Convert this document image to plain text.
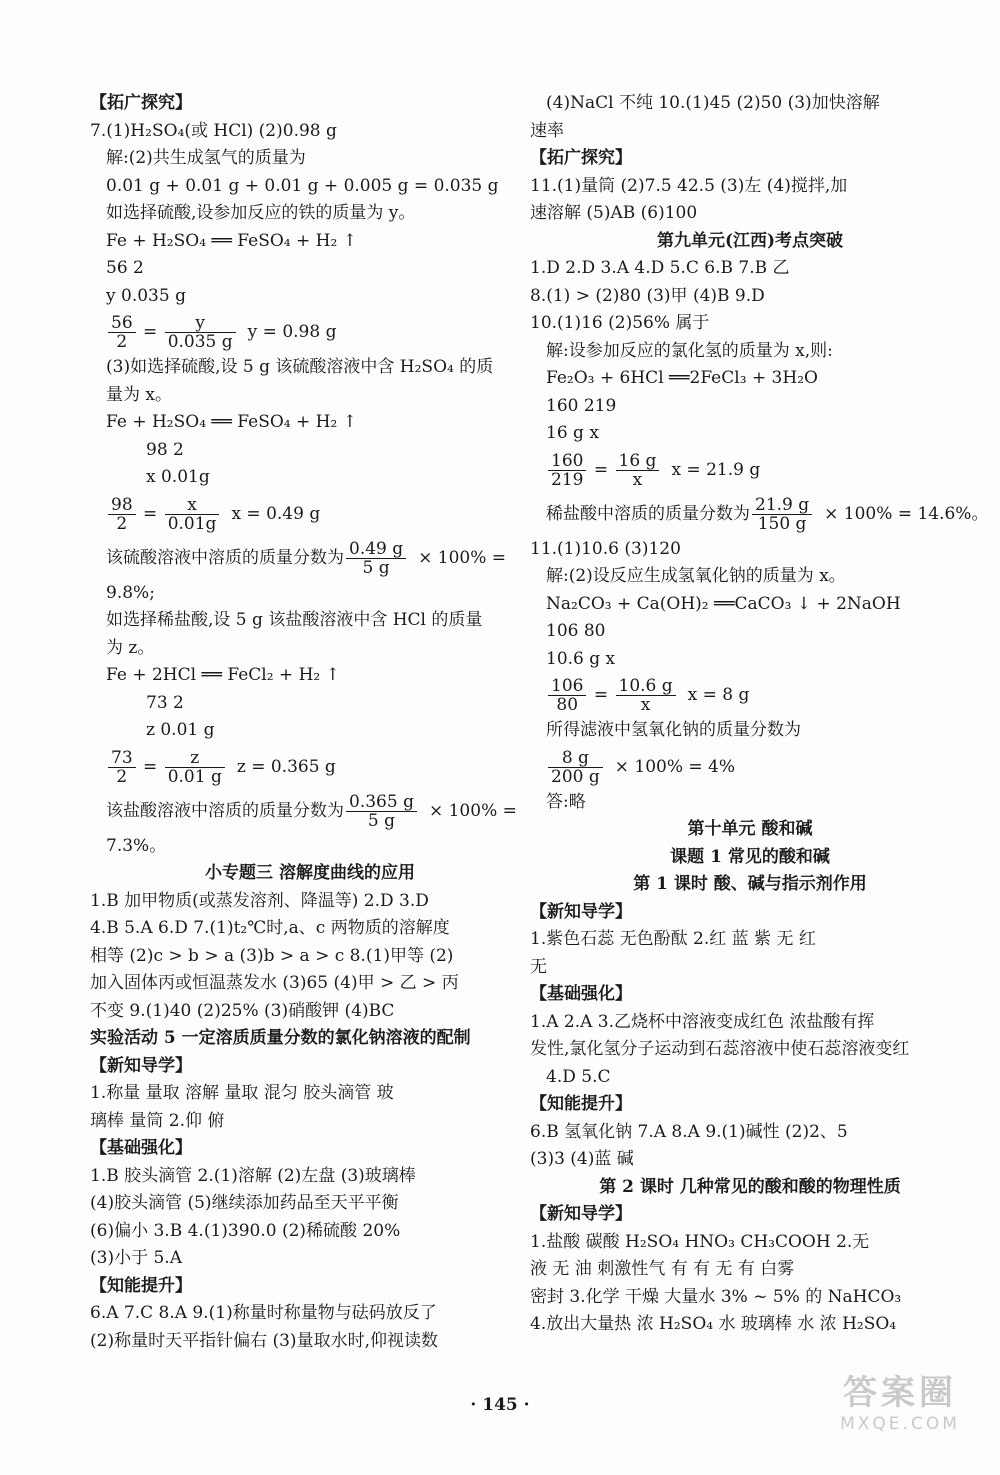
【拓广探究】
7.(1)H₂SO₄(或 HCl) (2)0.98 g
解:(2)共生成氢气的质量为
0.01 g + 0.01 g + 0.01 g + 0.005 g = 0.035 g
如选择硫酸,设参加反应的铁的质量为 y。
Fe + H₂SO₄ ══ FeSO₄ + H₂ ↑
56 2
y 0.035 g
$\frac{56}{2} = \frac{y}{0.035 g}$ y = 0.98 g
(3)如选择硫酸,设 5 g 该硫酸溶液中含 H₂SO₄ 的质
量为 x。
Fe + H₂SO₄ ══ FeSO₄ + H₂ ↑
98 2
x 0.01g
$\frac{98}{2} = \frac{x}{0.01g}$ x = 0.49 g
该硫酸溶液中溶质的质量分数为 $\frac{0.49 g}{5 g} \times 100\%$ =
9.8%;
如选择稀盐酸,设 5 g 该盐酸溶液中含 HCl 的质量
为 z。
Fe + 2HCl ══ FeCl₂ + H₂ ↑
73 2
z 0.01 g
$\frac{73}{2} = \frac{z}{0.01 g}$ z = 0.365 g
该盐酸溶液中溶质的质量分数为 $\frac{0.365 g}{5 g} \times 100\%$ =
7.3%。
小专题三 溶解度曲线的应用
1.B 加甲物质(或蒸发溶剂、降温等) 2.D 3.D
4.B 5.A 6.D 7.(1)t₂℃时,a、c 两物质的溶解度
相等 (2)c > b > a (3)b > a > c 8.(1)甲等 (2)
加入固体丙或恒温蒸发水 (3)65 (4)甲 > 乙 > 丙
不变 9.(1)40 (2)25% (3)硝酸钾 (4)BC
实验活动 5 一定溶质质量分数的氯化钠溶液的配制
【新知导学】
1.称量 量取 溶解 量取 混匀 胶头滴管 玻
璃棒 量筒 2.仰 俯
【基础强化】
1.B 胶头滴管 2.(1)溶解 (2)左盘 (3)玻璃棒
(4)胶头滴管 (5)继续添加药品至天平平衡
(6)偏小 3.B 4.(1)390.0 (2)稀硫酸 20%
(3)小于 5.A
【知能提升】
6.A 7.C 8.A 9.(1)称量时称量物与砝码放反了
(2)称量时天平指针偏右 (3)量取水时,仰视读数
(4)NaCl 不纯 10.(1)45 (2)50 (3)加快溶解
速率
【拓广探究】
11.(1)量筒 (2)7.5 42.5 (3)左 (4)搅拌,加
速溶解 (5)AB (6)100
第九单元(江西)考点突破
1.D 2.D 3.A 4.D 5.C 6.B 7.B 乙
8.(1) > (2)80 (3)甲 (4)B 9.D
10.(1)16 (2)56% 属于
解:设参加反应的氯化氢的质量为 x,则:
Fe₂O₃ + 6HCl ══2FeCl₃ + 3H₂O
160 219
16 g x
$\frac{160}{219} = \frac{16 g}{x}$ x = 21.9 g
稀盐酸中溶质的质量分数为 $\frac{21.9 g}{150 g} \times 100\% = 14.6\%$。
11.(1)10.6 (3)120
解:(2)设反应生成氢氧化钠的质量为 x。
Na₂CO₃ + Ca(OH)₂ ══CaCO₃ ↓ + 2NaOH
106 80
10.6 g x
$\frac{106}{80} = \frac{10.6 g}{x}$ x = 8 g
所得滤液中氢氧化钠的质量分数为
$\frac{8 g}{200 g} \times 100\% = 4\%$
答:略
第十单元 酸和碱
课题 1 常见的酸和碱
第 1 课时 酸、碱与指示剂作用
【新知导学】
1.紫色石蕊 无色酚酞 2.红 蓝 紫 无 红
无
【基础强化】
1.A 2.A 3.乙烧杯中溶液变成红色 浓盐酸有挥
发性,氯化氢分子运动到石蕊溶液中使石蕊溶液变红
4.D 5.C
【知能提升】
6.B 氢氧化钠 7.A 8.A 9.(1)碱性 (2)2、5
(3)3 (4)蓝 碱
第 2 课时 几种常见的酸和酸的物理性质
【新知导学】
1.盐酸 碳酸 H₂SO₄ HNO₃ CH₃COOH 2.无
液 无 油 刺激性气 有 有 无 有 白雾
密封 3.化学 干燥 大量水 3% ~ 5% 的 NaHCO₃
4.放出大量热 浓 H₂SO₄ 水 玻璃棒 水 浓 H₂SO₄
· 145 ·	答案圈
MXQE.COM
